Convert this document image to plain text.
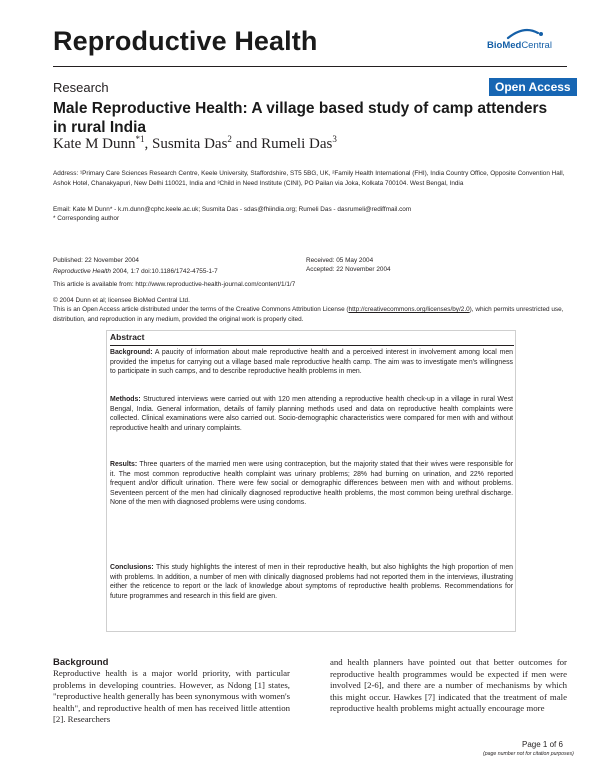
Reproductive Health	BioMedCentral
Research	Open Access
Male Reproductive Health: A village based study of camp attenders in rural India
Kate M Dunn$^{*1}$, Susmita Das$^2$ and Rumeli Das$^3$
Address: ¹Primary Care Sciences Research Centre, Keele University, Staffordshire, ST5 5BG, UK, ²Family Health International (FHI), India Country Office, Opposite Convention Hall, Ashok Hotel, Chanakyapuri, New Delhi 110021, India and ³Child in Need Institute (CINI), PO Pailan via Joka, Kolkata 700104. West Bengal, India
Email: Kate M Dunn* - k.m.dunn@cphc.keele.ac.uk; Susmita Das - sdas@fhiindia.org; Rumeli Das - dasrumeli@rediffmail.com
* Corresponding author
Published: 22 November 2004
Reproductive Health 2004, 1:7 doi:10.1186/1742-4755-1-7
Received: 05 May 2004
Accepted: 22 November 2004
This article is available from: http://www.reproductive-health-journal.com/content/1/1/7
© 2004 Dunn et al; licensee BioMed Central Ltd.
This is an Open Access article distributed under the terms of the Creative Commons Attribution License (http://creativecommons.org/licenses/by/2.0), which permits unrestricted use, distribution, and reproduction in any medium, provided the original work is properly cited.
Abstract
Background: A paucity of information about male reproductive health and a perceived interest in involvement among local men provided the impetus for carrying out a village based male reproductive health camp. The aim was to investigate men's willingness to participate in such camps, and to describe reproductive health problems in men.
Methods: Structured interviews were carried out with 120 men attending a reproductive health check-up in a village in rural West Bengal, India. General information, details of family planning methods used and data on reproductive health complaints were collected. Clinical examinations were also carried out. Socio-demographic characteristics were compared for men with and without reproductive health and urinary complaints.
Results: Three quarters of the married men were using contraception, but the majority stated that their wives were responsible for it. The most common reproductive health complaint was urinary problems; 28% had burning on urination, and 22% reported frequent and/or difficult urination. There were few social or demographic differences between men with and without problems. Seventeen percent of the men had clinically diagnosed reproductive health problems, the most common being urethral discharge. None of the men with diagnosed problems were using condoms.
Conclusions: This study highlights the interest of men in their reproductive health, but also highlights the high proportion of men with problems. In addition, a number of men with clinically diagnosed problems had not reported them in the interviews, illustrating either the reticence to report or the lack of knowledge about symptoms of reproductive health problems. Recommendations for future programmes and research in this field are given.
Background
Reproductive health is a major world priority, with particular problems in developing countries. However, as Ndong [1] states, "reproductive health generally has been synonymous with women's health", and reproductive health of men has received little attention [2]. Researchers
and health planners have pointed out that better outcomes for reproductive health programmes would be expected if men were involved [2-6], and there are a number of mechanisms by which this might occur. Hawkes [7] indicated that the treatment of male reproductive health problems might actually encourage more
Page 1 of 6
(page number not for citation purposes)
